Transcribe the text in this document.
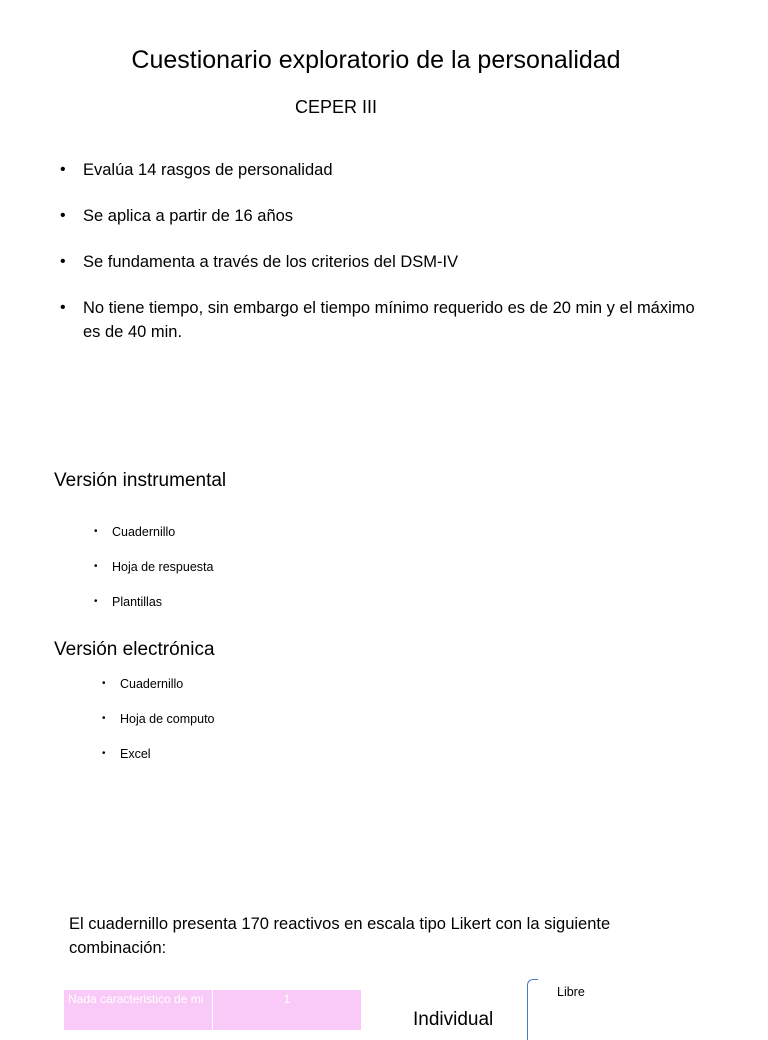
Cuestionario exploratorio de la personalidad
CEPER III
• Evalúa 14 rasgos de personalidad
• Se aplica a partir de 16 años
• Se fundamenta a través de los criterios del DSM-IV
• No tiene tiempo, sin embargo el tiempo mínimo requerido es de 20 min y el máximo es de 40 min.
Versión instrumental
• Cuadernillo
• Hoja de respuesta
• Plantillas
Versión electrónica
• Cuadernillo
• Hoja de computo
• Excel
El cuadernillo presenta 170 reactivos en escala tipo Likert con la siguiente combinación:
Nada caracteristico de mi	1
Individual
Libre
